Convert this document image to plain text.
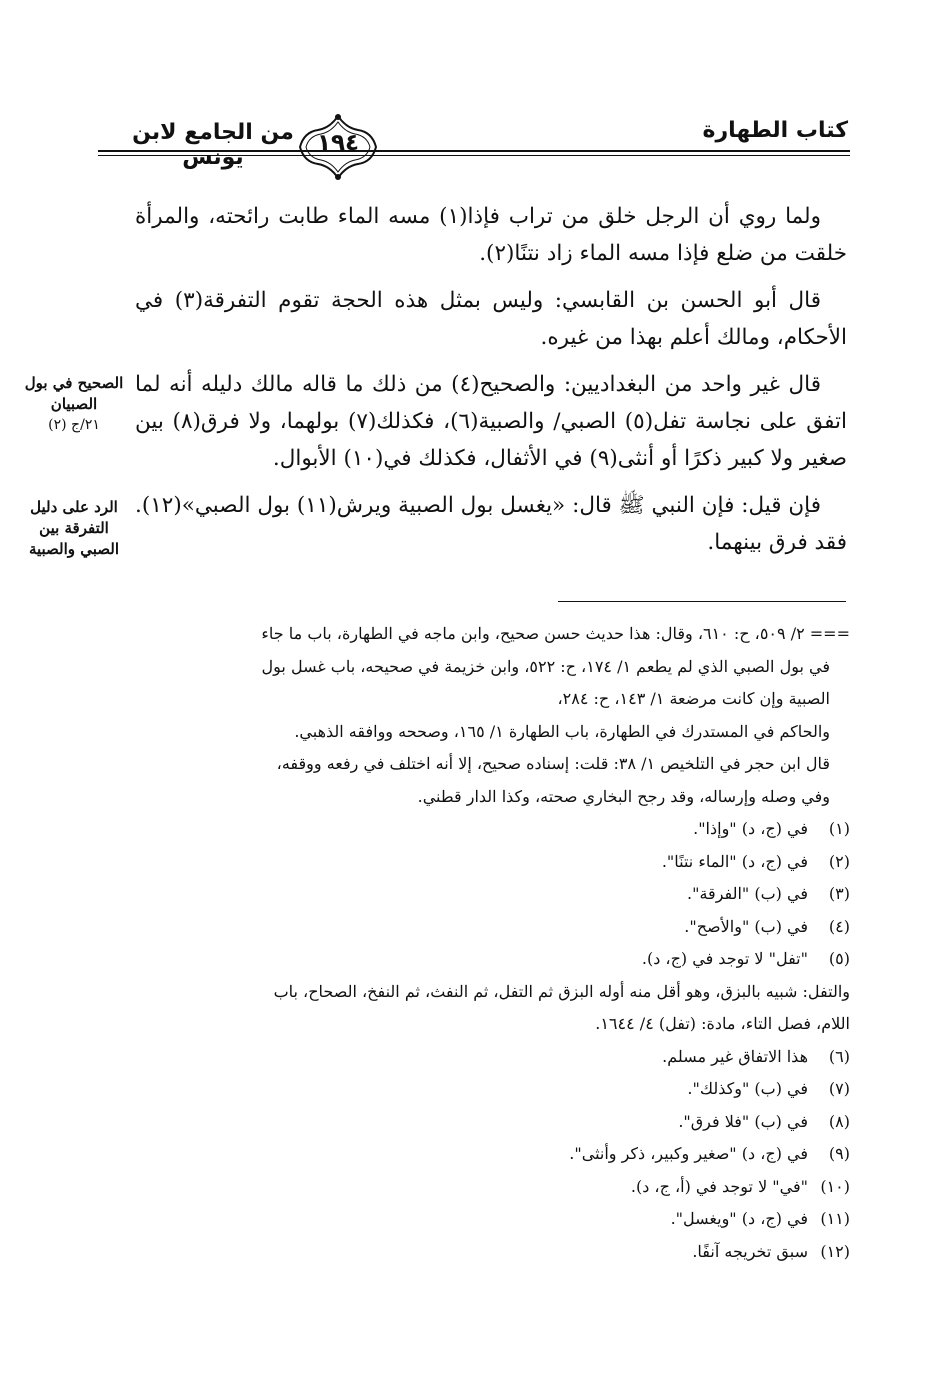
كتاب الطهارة
١٩٤
من الجامع لابن يونس
الصحيح في بول الصبيان
٢١/ج (٢)
الرد على دليل التفرقة بين الصبي والصبية

ولما روي أن الرجل خلق من تراب فإذا(١) مسه الماء طابت رائحته، والمرأة خلقت من ضلع فإذا مسه الماء زاد نتنًا(٢).

قال أبو الحسن بن القابسي: وليس بمثل هذه الحجة تقوم التفرقة(٣) في الأحكام، ومالك أعلم بهذا من غيره.

قال غير واحد من البغداديين: والصحيح(٤) من ذلك ما قاله مالك دليله أنه لما اتفق على نجاسة تفل(٥) الصبي/ والصبية(٦)، فكذلك(٧) بولهما، ولا فرق(٨) بين صغير ولا كبير ذكرًا أو أنثى(٩) في الأثفال، فكذلك في(١٠) الأبوال.

فإن قيل: فإن النبي ﷺ قال: «يغسل بول الصبية ويرش(١١) بول الصبي»(١٢). فقد فرق بينهما.

=== ٢/ ٥٠٩، ح: ٦١٠، وقال: هذا حديث حسن صحيح، وابن ماجه في الطهارة، باب ما جاء
في بول الصبي الذي لم يطعم ١/ ١٧٤، ح: ٥٢٢، وابن خزيمة في صحيحه، باب غسل بول
الصبية وإن كانت مرضعة ١/ ١٤٣، ح: ٢٨٤،
والحاكم في المستدرك في الطهارة، باب الطهارة ١/ ١٦٥، وصححه ووافقه الذهبي.
قال ابن حجر في التلخيص ١/ ٣٨: قلت: إسناده صحيح، إلا أنه اختلف في رفعه ووقفه،
وفي وصله وإرساله، وقد رجح البخاري صحته، وكذا الدار قطني.
(١)في (ج، د) "وإذا".
(٢)في (ج، د) "الماء نتنًا".
(٣)في (ب) "الفرقة".
(٤)في (ب) "والأصح".
(٥)"تفل" لا توجد في (ج، د).
والتفل: شبيه بالبزق، وهو أقل منه أوله البزق ثم التفل، ثم النفث، ثم النفخ، الصحاح، باب
اللام، فصل التاء، مادة: (تفل) ٤/ ١٦٤٤.
(٦)هذا الاتفاق غير مسلم.
(٧)في (ب) "وكذلك".
(٨)في (ب) "فلا فرق".
(٩)في (ج، د) "صغير وكبير، ذكر وأنثى".
(١٠)"في" لا توجد في (أ، ج، د).
(١١)في (ج، د) "ويغسل".
(١٢)سبق تخريجه آنفًا.
